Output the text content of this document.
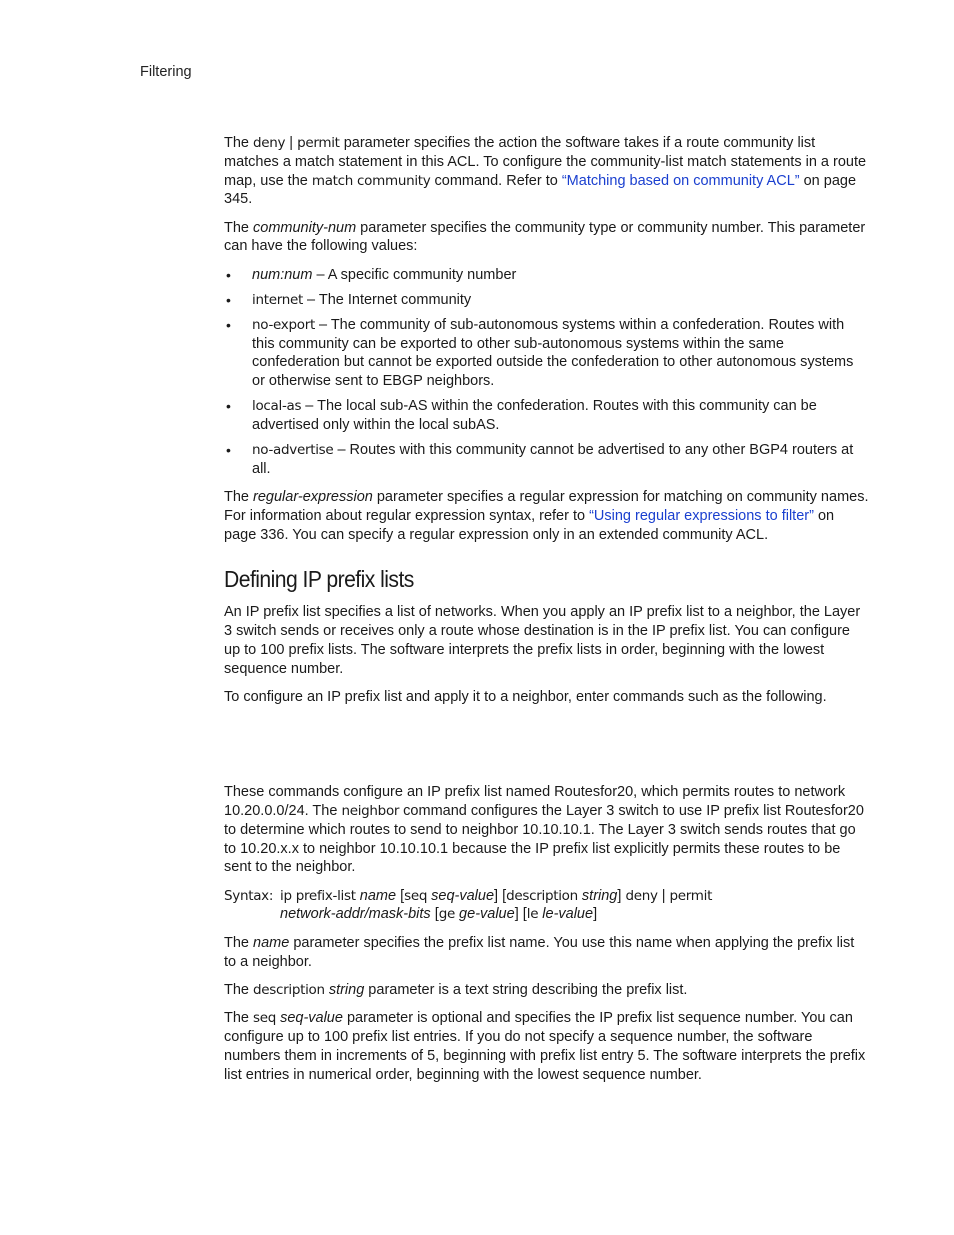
Filtering

The deny | permit parameter specifies the action the software takes if a route community list matches a match statement in this ACL. To configure the community-list match statements in a route map, use the match community command. Refer to “Matching based on community ACL” on page 345.

The community-num parameter specifies the community type or community number. This parameter can have the following values:

• num:num – A specific community number
• internet – The Internet community
• no-export – The community of sub-autonomous systems within a confederation. Routes with this community can be exported to other sub-autonomous systems within the same confederation but cannot be exported outside the confederation to other autonomous systems or otherwise sent to EBGP neighbors.
• local-as – The local sub-AS within the confederation. Routes with this community can be advertised only within the local subAS.
• no-advertise – Routes with this community cannot be advertised to any other BGP4 routers at all.

The regular-expression parameter specifies a regular expression for matching on community names. For information about regular expression syntax, refer to “Using regular expressions to filter” on page 336. You can specify a regular expression only in an extended community ACL.

Defining IP prefix lists

An IP prefix list specifies a list of networks. When you apply an IP prefix list to a neighbor, the Layer 3 switch sends or receives only a route whose destination is in the IP prefix list. You can configure up to 100 prefix lists. The software interprets the prefix lists in order, beginning with the lowest sequence number.

To configure an IP prefix list and apply it to a neighbor, enter commands such as the following.

These commands configure an IP prefix list named Routesfor20, which permits routes to network 10.20.0.0/24. The neighbor command configures the Layer 3 switch to use IP prefix list Routesfor20 to determine which routes to send to neighbor 10.10.10.1. The Layer 3 switch sends routes that go to 10.20.x.x to neighbor 10.10.10.1 because the IP prefix list explicitly permits these routes to be sent to the neighbor.

Syntax: ip prefix-list name [seq seq-value] [description string] deny | permit
network-addr/mask-bits [ge ge-value] [le le-value]

The name parameter specifies the prefix list name. You use this name when applying the prefix list to a neighbor.

The description string parameter is a text string describing the prefix list.

The seq seq-value parameter is optional and specifies the IP prefix list sequence number. You can configure up to 100 prefix list entries. If you do not specify a sequence number, the software numbers them in increments of 5, beginning with prefix list entry 5. The software interprets the prefix list entries in numerical order, beginning with the lowest sequence number.
